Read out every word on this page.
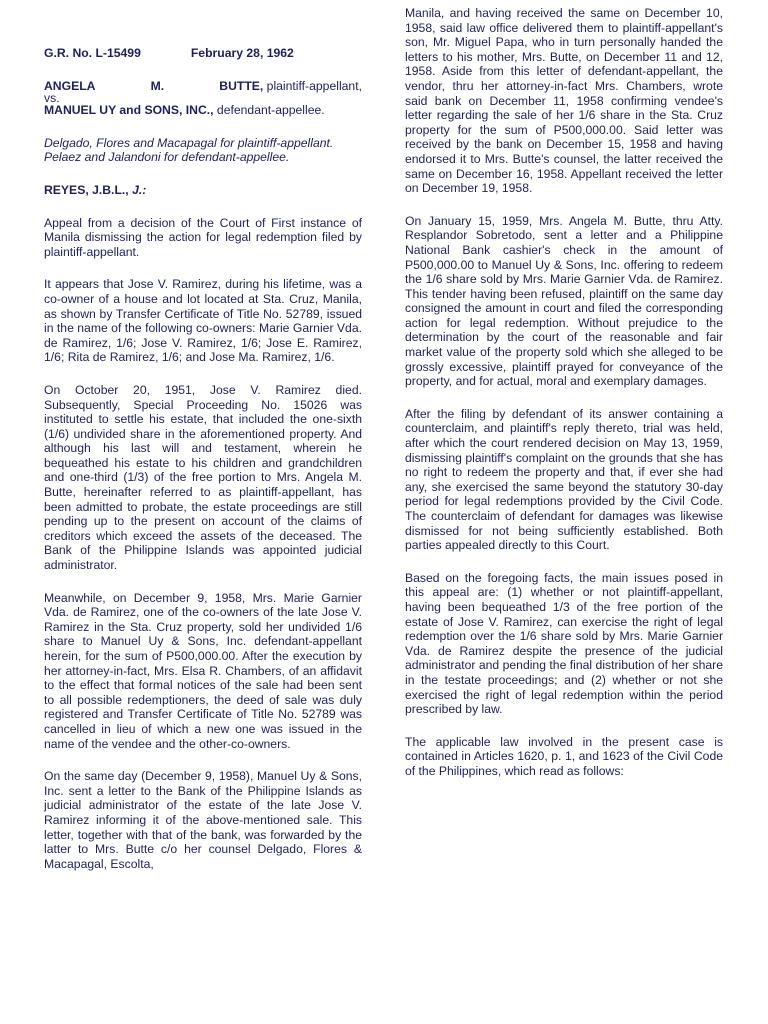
G.R. No. L-15499	February 28, 1962
ANGELA	M.	BUTTE, plaintiff-appellant,
vs.
MANUEL UY and SONS, INC., defendant-appellee.
Delgado, Flores and Macapagal for plaintiff-appellant.
Pelaez and Jalandoni for defendant-appellee.
REYES, J.B.L., J.:

Appeal from a decision of the Court of First instance of Manila dismissing the action for legal redemption filed by plaintiff-appellant.

It appears that Jose V. Ramirez, during his lifetime, was a co-owner of a house and lot located at Sta. Cruz, Manila, as shown by Transfer Certificate of Title No. 52789, issued in the name of the following co-owners: Marie Garnier Vda. de Ramirez, 1/6; Jose V. Ramirez, 1/6; Jose E. Ramirez, 1/6; Rita de Ramirez, 1/6; and Jose Ma. Ramirez, 1/6.

On October 20, 1951, Jose V. Ramirez died. Subsequently, Special Proceeding No. 15026 was instituted to settle his estate, that included the one-sixth (1/6) undivided share in the aforementioned property. And although his last will and testament, wherein he bequeathed his estate to his children and grandchildren and one-third (1/3) of the free portion to Mrs. Angela M. Butte, hereinafter referred to as plaintiff-appellant, has been admitted to probate, the estate proceedings are still pending up to the present on account of the claims of creditors which exceed the assets of the deceased. The Bank of the Philippine Islands was appointed judicial administrator.

Meanwhile, on December 9, 1958, Mrs. Marie Garnier Vda. de Ramirez, one of the co-owners of the late Jose V. Ramirez in the Sta. Cruz property, sold her undivided 1/6 share to Manuel Uy & Sons, Inc. defendant-appellant herein, for the sum of P500,000.00. After the execution by her attorney-in-fact, Mrs. Elsa R. Chambers, of an affidavit to the effect that formal notices of the sale had been sent to all possible redemptioners, the deed of sale was duly registered and Transfer Certificate of Title No. 52789 was cancelled in lieu of which a new one was issued in the name of the vendee and the other-co-owners.

On the same day (December 9, 1958), Manuel Uy & Sons, Inc. sent a letter to the Bank of the Philippine Islands as judicial administrator of the estate of the late Jose V. Ramirez informing it of the above-mentioned sale. This letter, together with that of the bank, was forwarded by the latter to Mrs. Butte c/o her counsel Delgado, Flores & Macapagal, Escolta,

Manila, and having received the same on December 10, 1958, said law office delivered them to plaintiff-appellant's son, Mr. Miguel Papa, who in turn personally handed the letters to his mother, Mrs. Butte, on December 11 and 12, 1958. Aside from this letter of defendant-appellant, the vendor, thru her attorney-in-fact Mrs. Chambers, wrote said bank on December 11, 1958 confirming vendee's letter regarding the sale of her 1/6 share in the Sta. Cruz property for the sum of P500,000.00. Said letter was received by the bank on December 15, 1958 and having endorsed it to Mrs. Butte's counsel, the latter received the same on December 16, 1958. Appellant received the letter on December 19, 1958.

On January 15, 1959, Mrs. Angela M. Butte, thru Atty. Resplandor Sobretodo, sent a letter and a Philippine National Bank cashier's check in the amount of P500,000.00 to Manuel Uy & Sons, Inc. offering to redeem the 1/6 share sold by Mrs. Marie Garnier Vda. de Ramirez. This tender having been refused, plaintiff on the same day consigned the amount in court and filed the corresponding action for legal redemption. Without prejudice to the determination by the court of the reasonable and fair market value of the property sold which she alleged to be grossly excessive, plaintiff prayed for conveyance of the property, and for actual, moral and exemplary damages.

After the filing by defendant of its answer containing a counterclaim, and plaintiff's reply thereto, trial was held, after which the court rendered decision on May 13, 1959, dismissing plaintiff's complaint on the grounds that she has no right to redeem the property and that, if ever she had any, she exercised the same beyond the statutory 30-day period for legal redemptions provided by the Civil Code. The counterclaim of defendant for damages was likewise dismissed for not being sufficiently established. Both parties appealed directly to this Court.

Based on the foregoing facts, the main issues posed in this appeal are: (1) whether or not plaintiff-appellant, having been bequeathed 1/3 of the free portion of the estate of Jose V. Ramirez, can exercise the right of legal redemption over the 1/6 share sold by Mrs. Marie Garnier Vda. de Ramirez despite the presence of the judicial administrator and pending the final distribution of her share in the testate proceedings; and (2) whether or not she exercised the right of legal redemption within the period prescribed by law.

The applicable law involved in the present case is contained in Articles 1620, p. 1, and 1623 of the Civil Code of the Philippines, which read as follows:
